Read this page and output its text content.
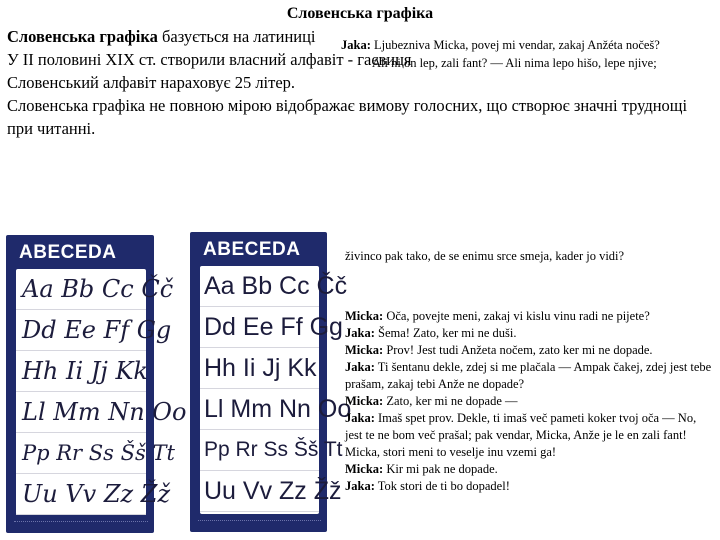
Словенська графіка

Словенська графіка базується на латиниці

У ІІ половині ХІХ ст. створили власний алфавіт - гаєвиця

Словенський алфавіт нараховує 25 літер.

Словенська графіка не повною мірою відображає вимову голосних, що створює значні труднощі при читанні.

Jaka: Ljubezniva Micka, povej mi vendar, zakaj Anžéta nočeš?
Ali ni on lep, zali fant? — Ali nima lepo hišo, lepe njive;
ABECEDA
Aa Bb Cc Čč
Dd Ee Ff Gg
Hh Ii Jj Kk
Ll Mm Nn Oo
Pp Rr Ss Šš Tt
Uu Vv Zz Žž
ABECEDA
Aa Bb Cc Čč
Dd Ee Ff Gg
Hh Ii Jj Kk
Ll Mm Nn Oo
Pp Rr Ss Šš Tt
Uu Vv Zz Žž
živinco pak tako, de se enimu srce smeja, kader jo vidi?

Micka: Oča, povejte meni, zakaj vi kislu vinu radi ne pijete?

Jaka: Šema! Zato, ker mi ne duši.

Micka: Prov! Jest tudi Anžeta nočem, zato ker mi ne dopade.

Jaka: Ti šentanu dekle, zdej si me plačala — Ampak čakej, zdej jest tebe prašam, zakaj tebi Anže ne dopade?

Micka: Zato, ker mi ne dopade —

Jaka: Imaš spet prov. Dekle, ti imaš več pameti koker tvoj oča — No, jest te ne bom več prašal; pak vendar, Micka, Anže je le en zali fant! Micka, stori meni to veselje inu vzemi ga!

Micka: Kir mi pak ne dopade.

Jaka: Tok stori de ti bo dopadel!
